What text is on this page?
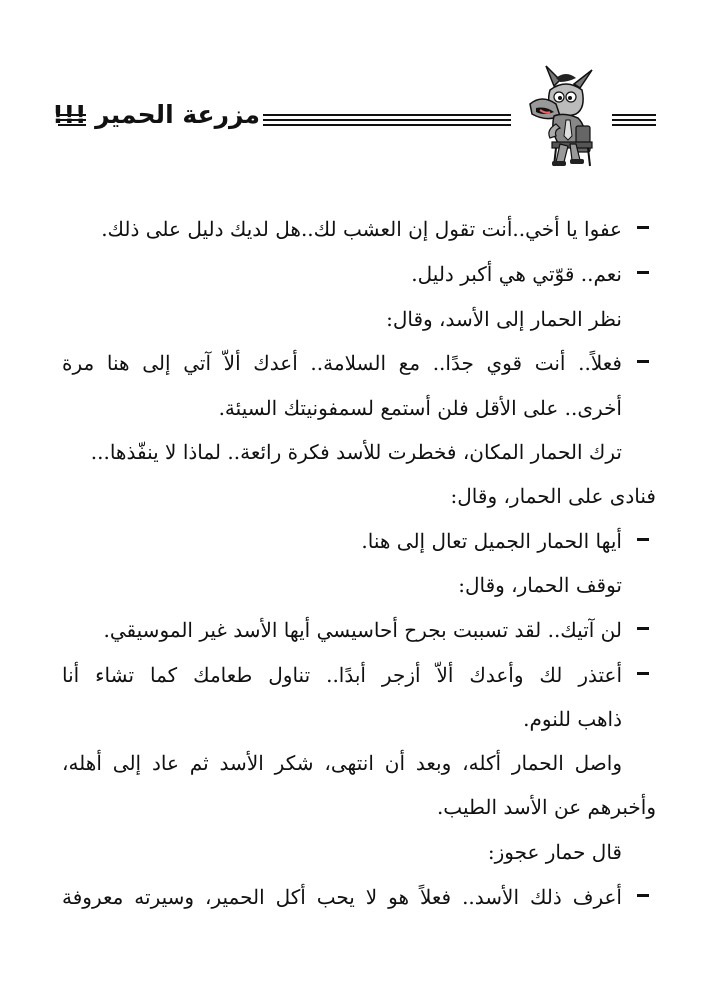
مزرعة الحمير !!!
عفوا يا أخي..أنت تقول إن العشب لك..هل لديك دليل على ذلك.
نعم.. قوّتي هي أكبر دليل.
نظر الحمار إلى الأسد، وقال:
فعلاً.. أنت قوي جدًا.. مع السلامة.. أعدك ألاّ آتي إلى هنا مرة
أخرى.. على الأقل فلن أستمع لسمفونيتك السيئة.
ترك الحمار المكان، فخطرت للأسد فكرة رائعة.. لماذا لا ينفّذها...
فنادى على الحمار، وقال:
أيها الحمار الجميل تعال إلى هنا.
توقف الحمار، وقال:
لن آتيك.. لقد تسببت بجرح أحاسيسي أيها الأسد غير الموسيقي.
أعتذر لك وأعدك ألاّ أزجر أبدًا.. تناول طعامك كما تشاء أنا
ذاهب للنوم.
واصل الحمار أكله، وبعد أن انتهى، شكر الأسد ثم عاد إلى أهله،
وأخبرهم عن الأسد الطيب.
قال حمار عجوز:
أعرف ذلك الأسد.. فعلاً هو لا يحب أكل الحمير، وسيرته معروفة
